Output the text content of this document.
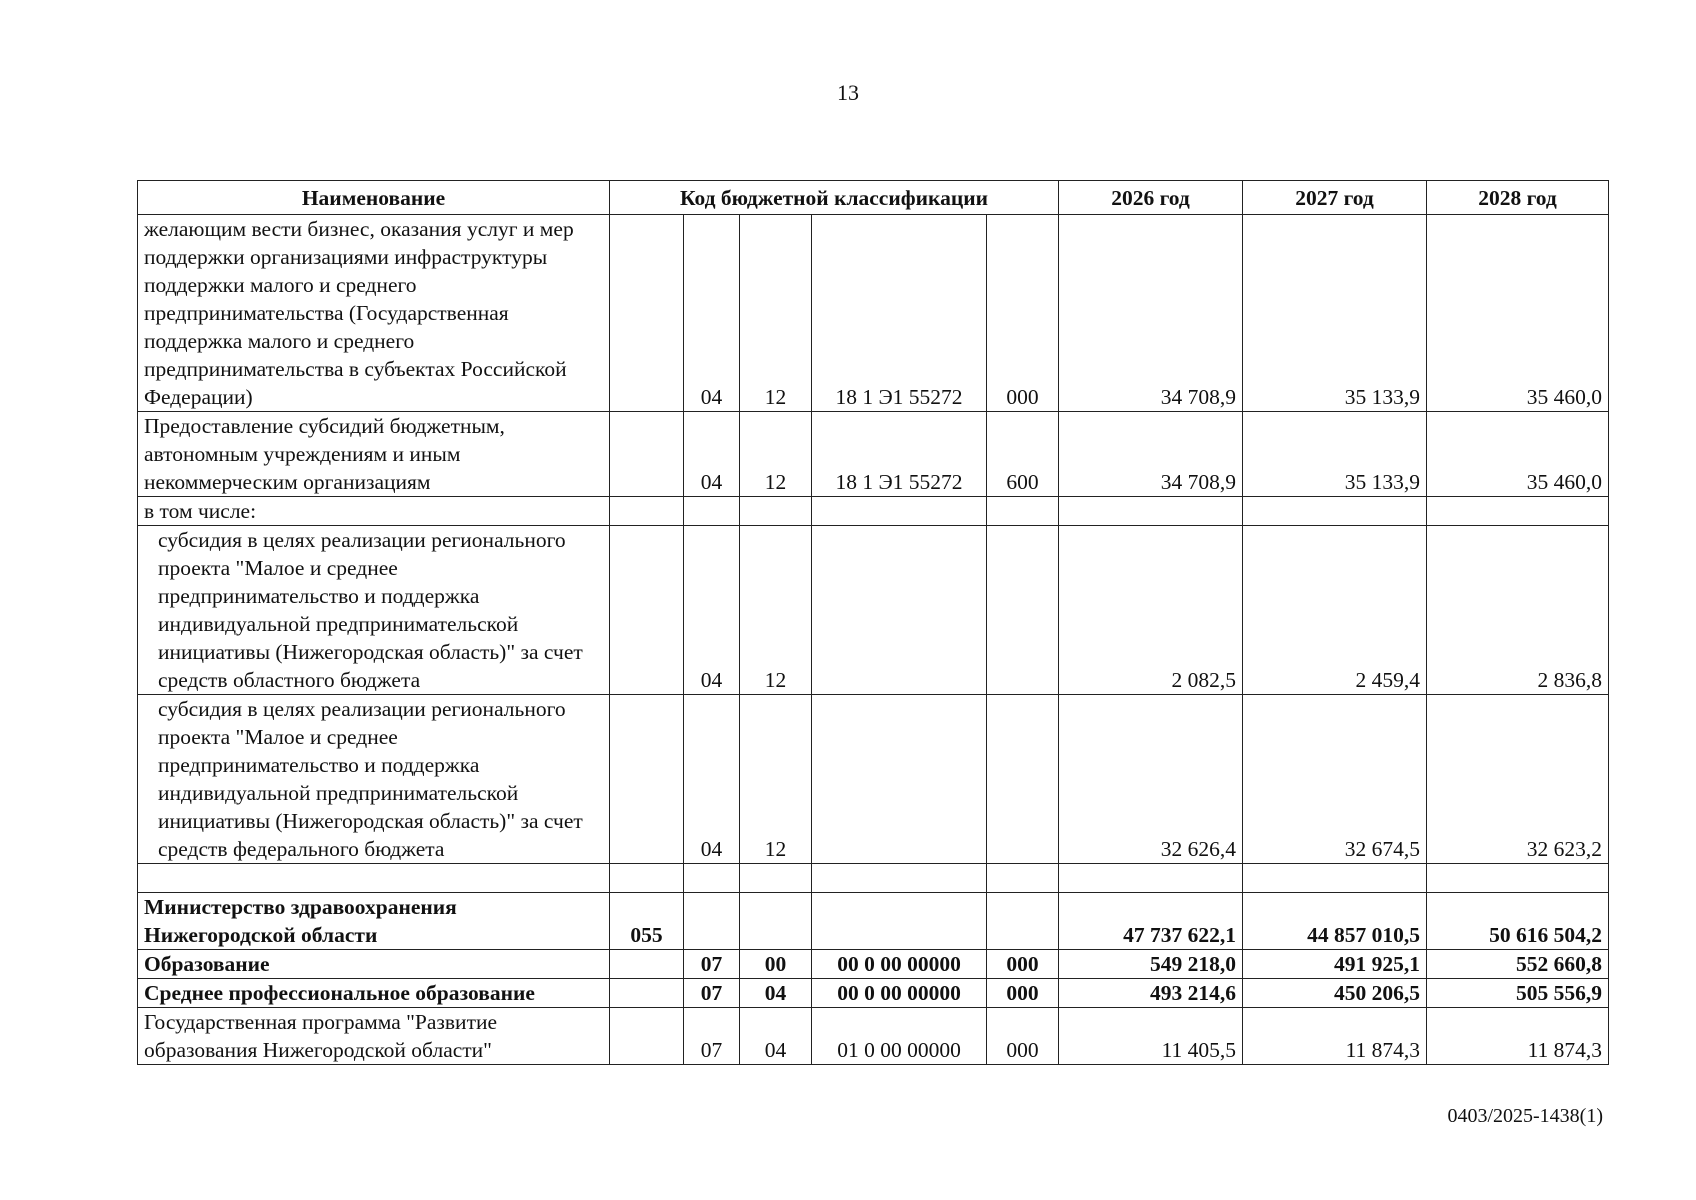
13
Наименование	Код бюджетной классификации					2026 год	2027 год	2028 год
желающим вести бизнес, оказания услуг и мер поддержки организациями инфраструктуры поддержки малого и среднего предпринимательства (Государственная поддержка малого и среднего предпринимательства в субъектах Российской Федерации)		04	12	18 1 Э1 55272	000	34 708,9	35 133,9	35 460,0
Предоставление субсидий бюджетным, автономным учреждениям и иным некоммерческим организациям		04	12	18 1 Э1 55272	600	34 708,9	35 133,9	35 460,0
в том числе:								
субсидия в целях реализации регионального проекта "Малое и среднее предпринимательство и поддержка индивидуальной предпринимательской инициативы (Нижегородская область)" за счет средств областного бюджета		04	12			2 082,5	2 459,4	2 836,8
субсидия в целях реализации регионального проекта "Малое и среднее предпринимательство и поддержка индивидуальной предпринимательской инициативы (Нижегородская область)" за счет средств федерального бюджета		04	12			32 626,4	32 674,5	32 623,2

Министерство здравоохранения Нижегородской области	055					47 737 622,1	44 857 010,5	50 616 504,2
Образование		07	00	00 0 00 00000	000	549 218,0	491 925,1	552 660,8
Среднее профессиональное образование		07	04	00 0 00 00000	000	493 214,6	450 206,5	505 556,9
Государственная программа "Развитие образования Нижегородской области"		07	04	01 0 00 00000	000	11 405,5	11 874,3	11 874,3
0403/2025-1438(1)
